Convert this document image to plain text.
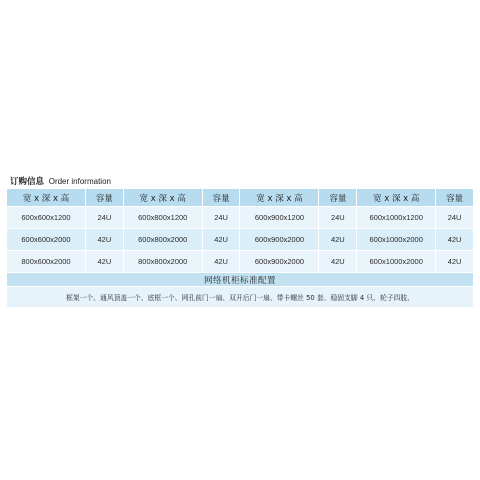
订购信息 Order information
宽 x 深 x 高	容量	宽 x 深 x 高	容量	宽 x 深 x 高	容量	宽 x 深 x 高	容量
600x600x1200	24U	600x800x1200	24U	600x900x1200	24U	600x1000x1200	24U
600x600x2000	42U	600x800x2000	42U	600x900x2000	42U	600x1000x2000	42U
800x600x2000	42U	800x800x2000	42U	600x900x2000	42U	600x1000x2000	42U
网络机柜标准配置							
框架一个、通风顶盖一个、底框一个、网孔前门一扇、双开后门一扇、带卡螺丝 50 套、稳固支脚 4 只、轮子四肢、							
